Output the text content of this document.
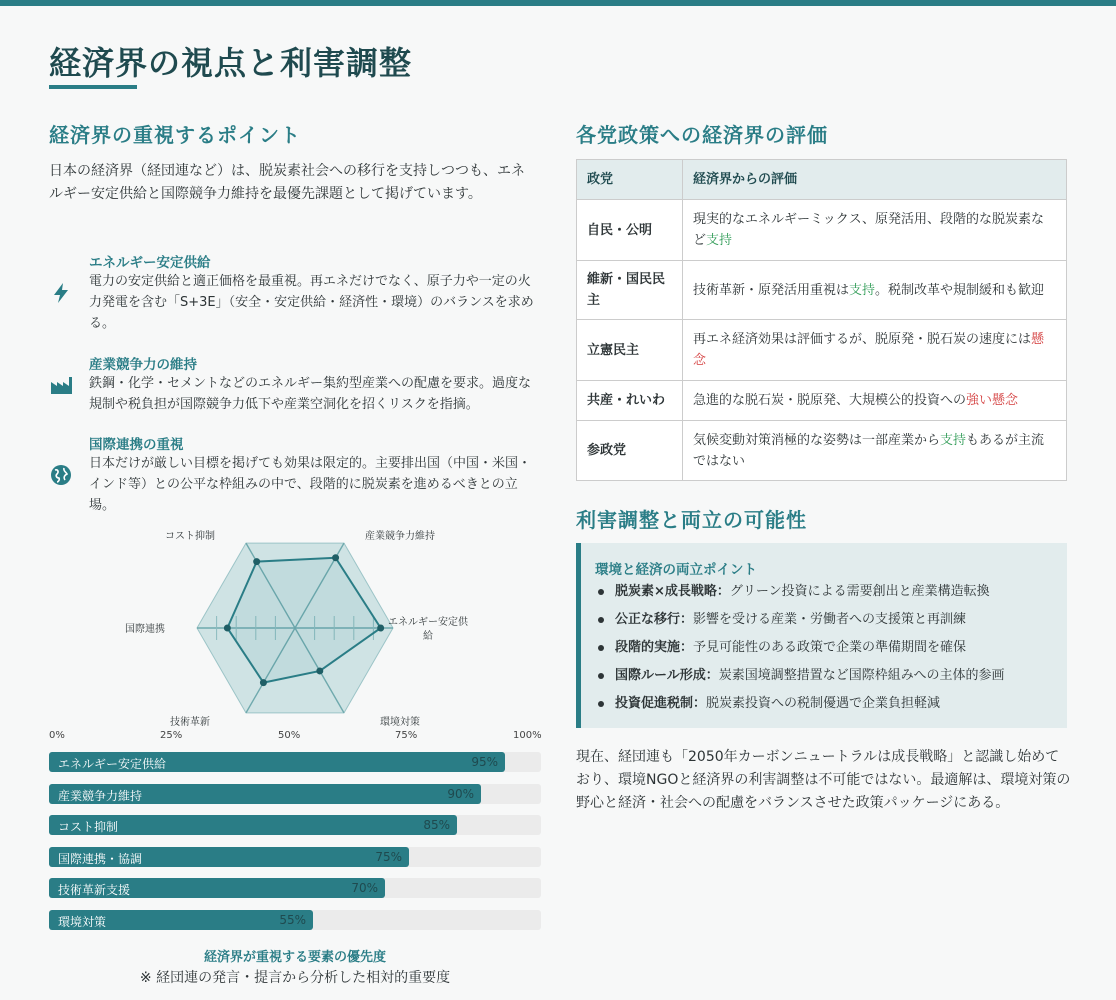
経済界の視点と利害調整
経済界の重視するポイント

日本の経済界（経団連など）は、脱炭素社会への移行を支持しつつも、エネルギー安定供給と国際競争力維持を最優先課題として掲げています。

エネルギー安定供給

電力の安定供給と適正価格を最重視。再エネだけでなく、原子力や一定の火力発電を含む「S+3E」（安全・安定供給・経済性・環境）のバランスを求める。

産業競争力の維持

鉄鋼・化学・セメントなどのエネルギー集約型産業への配慮を要求。過度な規制や税負担が国際競争力低下や産業空洞化を招くリスクを指摘。

国際連携の重視

日本だけが厳しい目標を掲げても効果は限定的。主要排出国（中国・米国・インド等）との公平な枠組みの中で、段階的に脱炭素を進めるべきとの立場。

エネルギー安定供給
環境対策
技術革新
国際連携
コスト抑制	産業競争力維持
0%	25%	50%	75%	100%
エネルギー安定供給	95%
産業競争力維持	90%
コスト抑制	85%
国際連携・協調	75%
技術革新支援	70%
環境対策	55%
経済界が重視する要素の優先度
※ 経団連の発言・提言から分析した相対的重要度
各党政策への経済界の評価
政党	経済界からの評価
自民・公明	現実的なエネルギーミックス、原発活用、段階的な脱炭素など支持
維新・国民民主	技術革新・原発活用重視は支持。税制改革や規制緩和も歓迎
立憲民主	再エネ経済効果は評価するが、脱原発・脱石炭の速度には懸念
共産・れいわ	急進的な脱石炭・脱原発、大規模公的投資への強い懸念
参政党	気候変動対策消極的な姿勢は一部産業から支持もあるが主流ではない
利害調整と両立の可能性
環境と経済の両立ポイント
脱炭素×成長戦略：グリーン投資による需要創出と産業構造転換
公正な移行：影響を受ける産業・労働者への支援策と再訓練
段階的実施：予見可能性のある政策で企業の準備期間を確保
国際ルール形成：炭素国境調整措置など国際枠組みへの主体的参画
投資促進税制：脱炭素投資への税制優遇で企業負担軽減

現在、経団連も「2050年カーボンニュートラルは成長戦略」と認識し始めており、環境NGOと経済界の利害調整は不可能ではない。最適解は、環境対策の野心と経済・社会への配慮をバランスさせた政策パッケージにある。
